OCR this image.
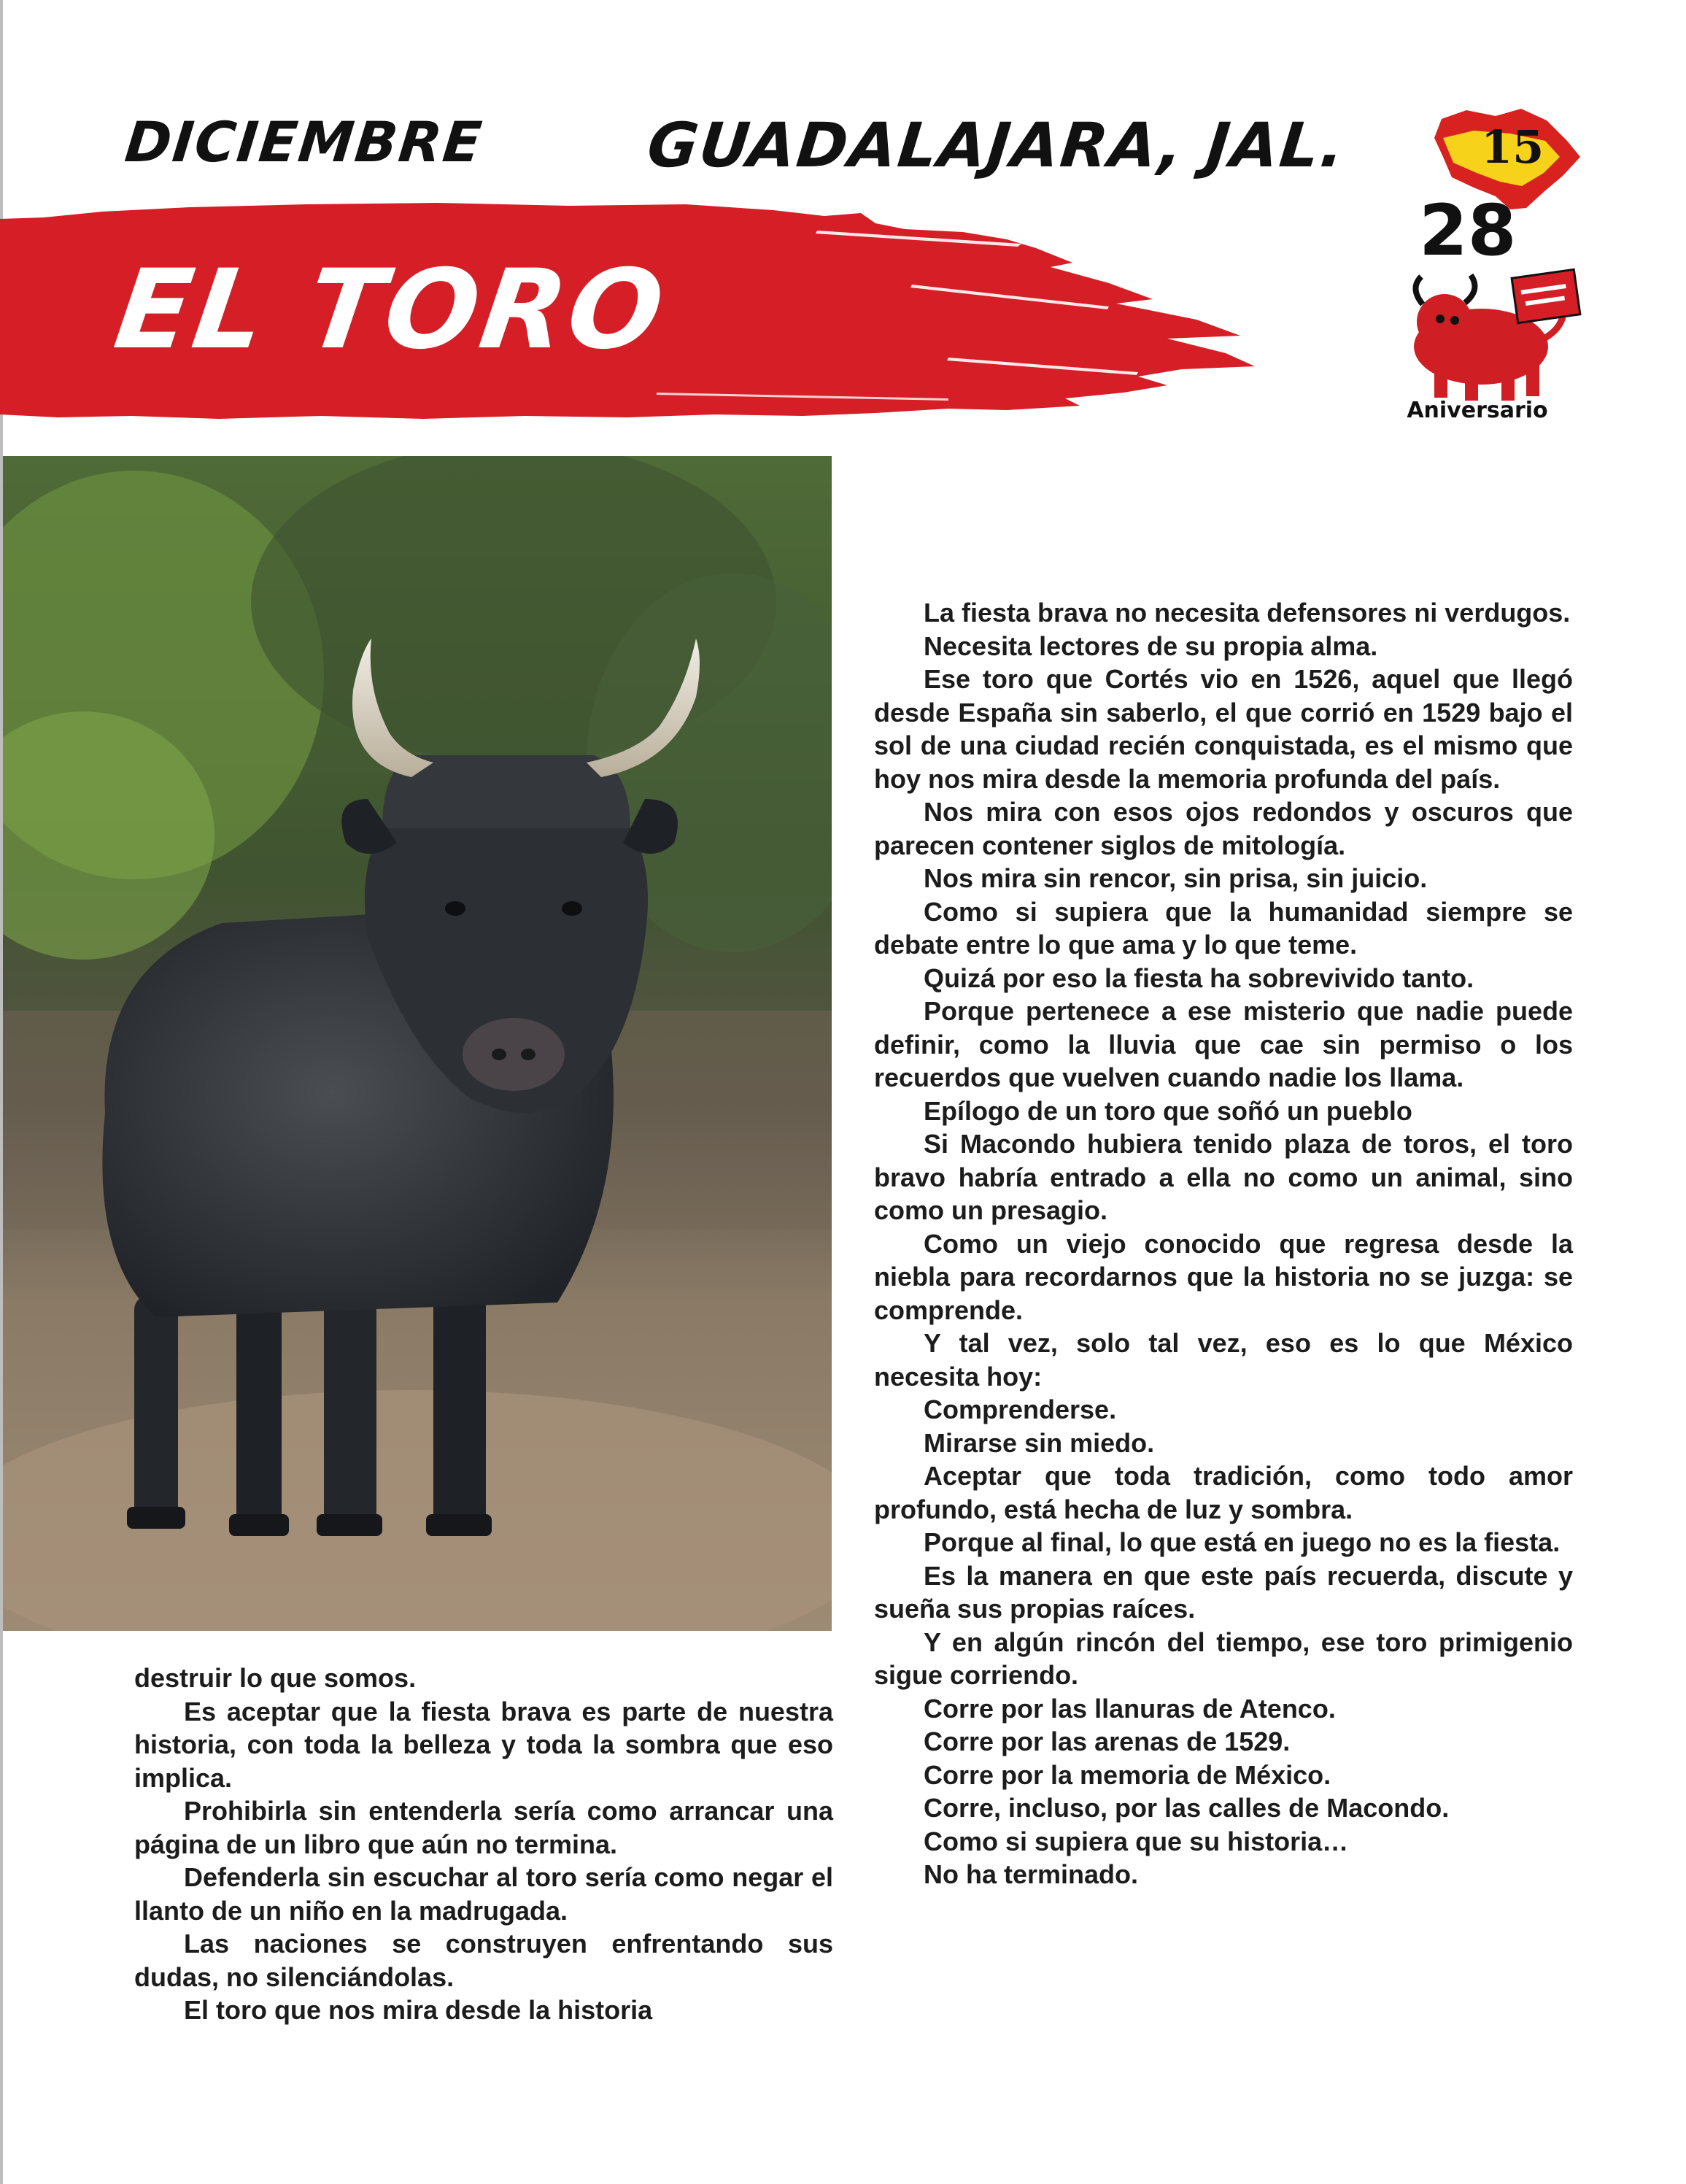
DICIEMBRE	GUADALAJARA, JAL.
EL TORO
15
28
Aniversario

destruir lo que somos.

Es aceptar que la fiesta brava es parte de nuestra historia, con toda la belleza y toda la sombra que eso implica.

Prohibirla sin entenderla sería como arrancar una página de un libro que aún no termina.

Defenderla sin escuchar al toro sería como negar el llanto de un niño en la madrugada.

Las naciones se construyen enfrentando sus dudas, no silenciándolas.

El toro que nos mira desde la historia

La fiesta brava no necesita defensores ni verdugos.

Necesita lectores de su propia alma.

Ese toro que Cortés vio en 1526, aquel que llegó desde España sin saberlo, el que corrió en 1529 bajo el sol de una ciudad recién conquistada, es el mismo que hoy nos mira desde la memoria profunda del país.

Nos mira con esos ojos redondos y oscuros que parecen contener siglos de mitología.

Nos mira sin rencor, sin prisa, sin juicio.

Como si supiera que la humanidad siempre se debate entre lo que ama y lo que teme.

Quizá por eso la fiesta ha sobrevivido tanto.

Porque pertenece a ese misterio que nadie puede definir, como la lluvia que cae sin permiso o los recuerdos que vuelven cuando nadie los llama.

Epílogo de un toro que soñó un pueblo

Si Macondo hubiera tenido plaza de toros, el toro bravo habría entrado a ella no como un animal, sino como un presagio.

Como un viejo conocido que regresa desde la niebla para recordarnos que la historia no se juzga: se comprende.

Y tal vez, solo tal vez, eso es lo que México necesita hoy:

Comprenderse.

Mirarse sin miedo.

Aceptar que toda tradición, como todo amor profundo, está hecha de luz y sombra.

Porque al final, lo que está en juego no es la fiesta.

Es la manera en que este país recuerda, discute y sueña sus propias raíces.

Y en algún rincón del tiempo, ese toro primigenio sigue corriendo.

Corre por las llanuras de Atenco.

Corre por las arenas de 1529.

Corre por la memoria de México.

Corre, incluso, por las calles de Macondo.

Como si supiera que su historia…

No ha terminado.
